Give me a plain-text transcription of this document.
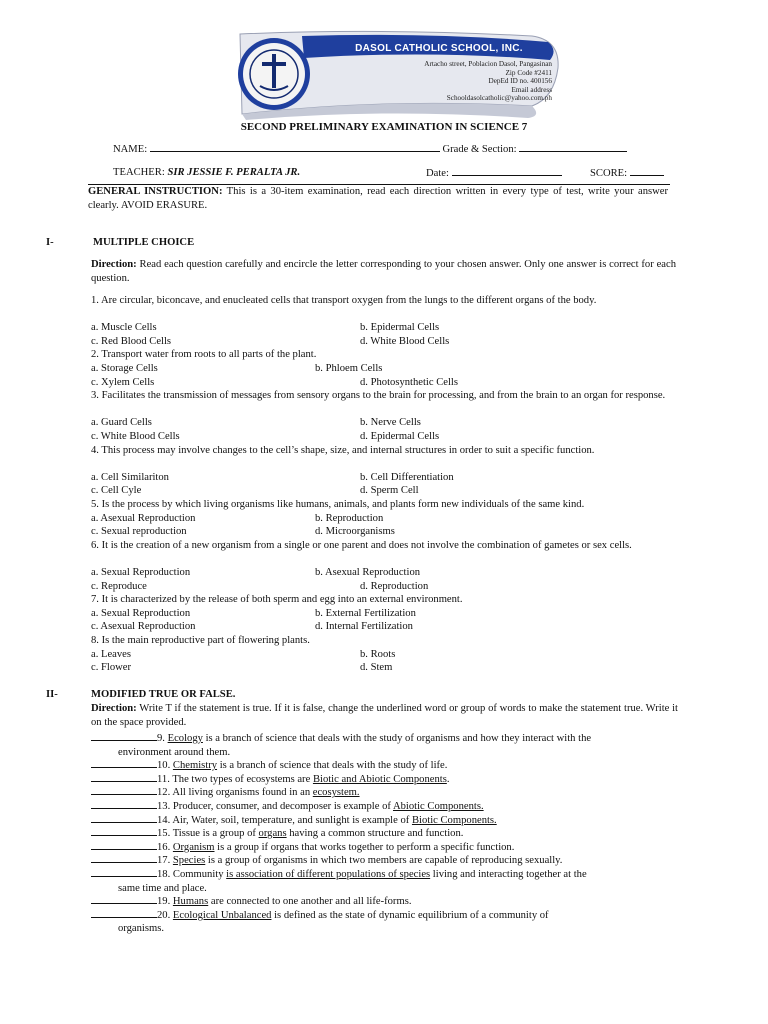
DASOL CATHOLIC SCHOOL, INC.
Artacho street, Poblacion Dasol, Pangasinan
Zip Code #2411
DepEd ID no. 400156
Email address
Schooldasolcatholic@yahoo.com.ph
SECOND PRELIMINARY EXAMINATION IN SCIENCE 7
NAME:	Grade & Section:
TEACHER: SIR JESSIE F. PERALTA JR.	Date:	SCORE:
GENERAL INSTRUCTION: This is a 30-item examination, read each direction written in every type of test, write your answer clearly. AVOID ERASURE.
I-	MULTIPLE CHOICE
Direction: Read each question carefully and encircle the letter corresponding to your chosen answer. Only one answer is correct for each question.
1. Are circular, biconcave, and enucleated cells that transport oxygen from the lungs to the different organs of the body.
a. Muscle Cells	b. Epidermal Cells
c. Red Blood Cells	d. White Blood Cells
2. Transport water from roots to all parts of the plant.
a. Storage Cells	b. Phloem Cells
c. Xylem Cells	d. Photosynthetic Cells
3. Facilitates the transmission of messages from sensory organs to the brain for processing, and from the brain to an organ for response.
a. Guard Cells	b. Nerve Cells
c. White Blood Cells	d. Epidermal Cells
4. This process may involve changes to the cell’s shape, size, and internal structures in order to suit a specific function.
a. Cell Similariton	b. Cell Differentiation
c. Cell Cyle	d. Sperm Cell
5. Is the process by which living organisms like humans, animals, and plants form new individuals of the same kind.
a. Asexual Reproduction	b. Reproduction
c. Sexual reproduction	d. Microorganisms
6. It is the creation of a new organism from a single or one parent and does not involve the combination of gametes or sex cells.
a. Sexual Reproduction	b. Asexual Reproduction
c. Reproduce	d. Reproduction
7. It is characterized by the release of both sperm and egg into an external environment.
a. Sexual Reproduction	b. External Fertilization
c. Asexual Reproduction	d. Internal Fertilization
8. Is the main reproductive part of flowering plants.
a. Leaves	b. Roots
c. Flower	d. Stem
II-	MODIFIED TRUE OR FALSE.
Direction: Write T if the statement is true. If it is false, change the underlined word or group of words to make the statement true. Write it on the space provided.
9. Ecology is a branch of science that deals with the study of organisms and how they interact with the
environment around them.
10. Chemistry is a branch of science that deals with the study of life.
11. The two types of ecosystems are Biotic and Abiotic Components.
12. All living organisms found in an ecosystem.
13. Producer, consumer, and decomposer is example of Abiotic Components.
14. Air, Water, soil, temperature, and sunlight is example of Biotic Components.
15. Tissue is a group of organs having a common structure and function.
16. Organism is a group if organs that works together to perform a specific function.
17. Species is a group of organisms in which two members are capable of reproducing sexually.
18. Community is association of different populations of species living and interacting together at the
same time and place.
19. Humans are connected to one another and all life-forms.
20. Ecological Unbalanced is defined as the state of dynamic equilibrium of a community of
organisms.
